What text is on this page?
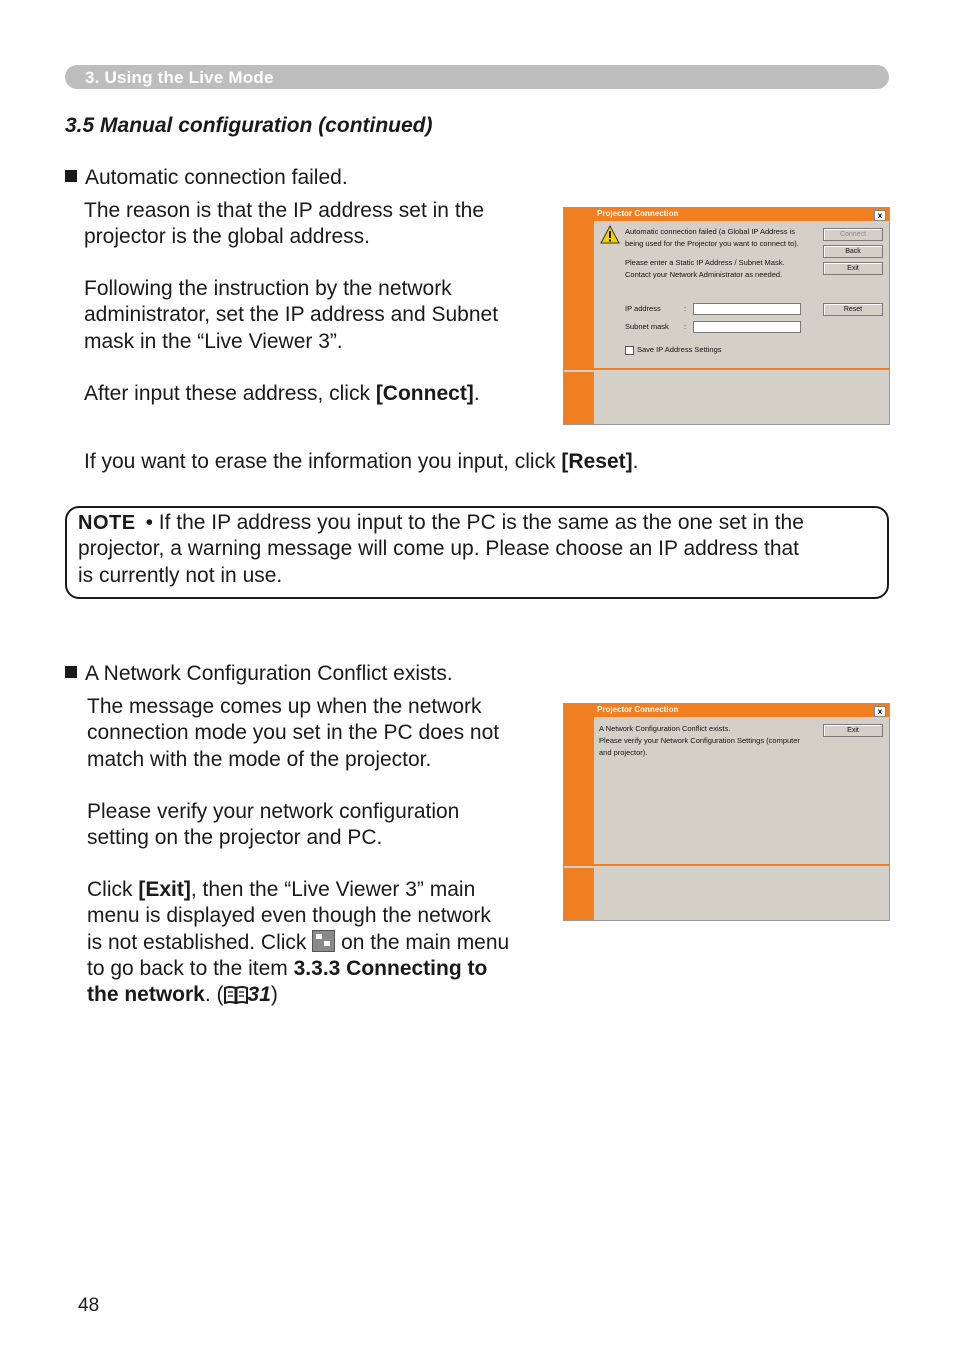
3. Using the Live Mode
3.5 Manual configuration (continued)
Automatic connection failed.

The reason is that the IP address set in the

projector is the global address.

Following the instruction by the network

administrator, set the IP address and Subnet

mask in the “Live Viewer 3”.

After input these address, click [Connect].

If you want to erase the information you input, click [Reset].

Projector Connection	x
Automatic connection failed (a Global IP Address is
being used for the Projector you want to connect to).
Please enter a Static IP Address / Subnet Mask.
Contact your Network Administrator as needed.
IP address	:
Subnet mask :
Save IP Address Settings
Connect
Back
Exit
Reset
NOTE • If the IP address you input to the PC is the same as the one set in the
projector, a warning message will come up. Please choose an IP address that
is currently not in use.
A Network Configuration Conflict exists.

The message comes up when the network

connection mode you set in the PC does not

match with the mode of the projector.

Please verify your network configuration

setting on the projector and PC.

Click [Exit], then the “Live Viewer 3” main

menu is displayed even though the network

is not established. Click  on the main menu

to go back to the item 3.3.3 Connecting to

the network. ( 31)

Projector Connection	x
A Network Configuration Conflict exists.
Please verify your Network Configuration Settings (computer
and projector).
Exit
48
